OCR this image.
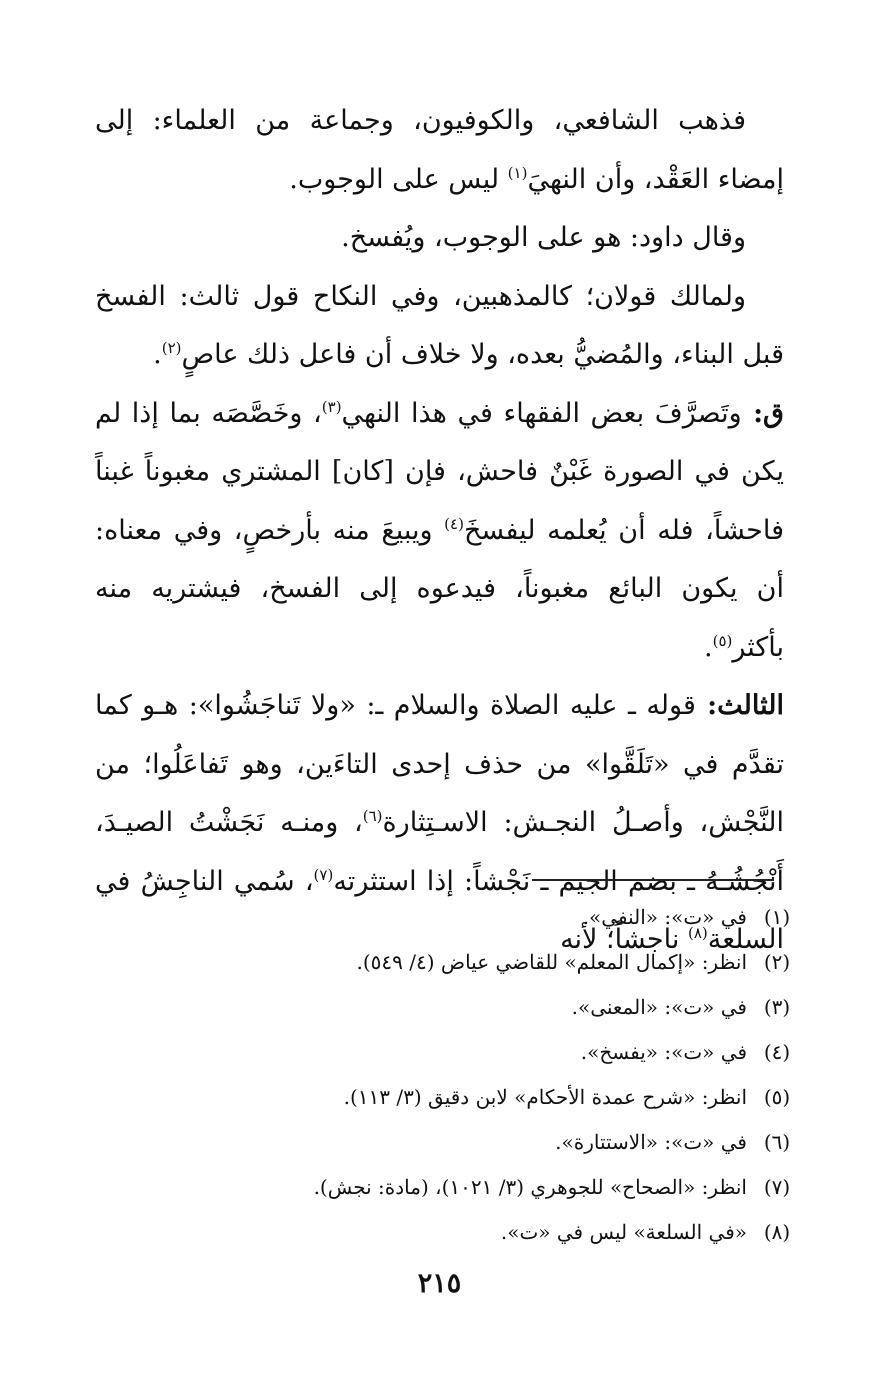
فذهب الشافعي، والكوفيون، وجماعة من العلماء: إلى إمضاء العَقْد، وأن النهيَ$^{(١)}$ ليس على الوجوب.

وقال داود: هو على الوجوب، ويُفسخ.

ولمالك قولان؛ كالمذهبين، وفي النكاح قول ثالث: الفسخ قبل البناء، والمُضيُّ بعده، ولا خلاف أن فاعل ذلك عاصٍ$^{(٢)}$.

ق: وتَصرَّفَ بعض الفقهاء في هذا النهي$^{(٣)}$، وخَصَّصَه بما إذا لم يكن في الصورة غَبْنٌ فاحش، فإن [كان] المشتري مغبوناً غبناً فاحشاً، فله أن يُعلمه ليفسخَ$^{(٤)}$ ويبيعَ منه بأرخصٍ، وفي معناه: أن يكون البائع مغبوناً، فيدعوه إلى الفسخ، فيشتريه منه بأكثر$^{(٥)}$.

الثالث: قوله ـ عليه الصلاة والسلام ـ: «ولا تَناجَشُوا»: هـو كما تقدَّم في «تَلَقَّوا» من حذف إحدى التاءَين، وهو تَفاعَلُوا؛ من النَّجْش، وأصـلُ النجـش: الاسـتِثارة$^{(٦)}$، ومنـه نَجَشْتُ الصيـدَ، أَنْجُشُـهُ ـ بضم الجيم ـ نَجْشاً: إذا استثرته$^{(٧)}$، سُمي الناجِشُ في السلعة$^{(٨)}$ ناجشاً؛ لأنه

(١)
في «ت»: «النفي».
(٢)
انظر: «إكمال المعلم» للقاضي عياض (٤/ ٥٤٩).
(٣)
في «ت»: «المعنى».
(٤)
في «ت»: «يفسخ».
(٥)
انظر: «شرح عمدة الأحكام» لابن دقيق (٣/ ١١٣).
(٦)
في «ت»: «الاستتارة».
(٧)
انظر: «الصحاح» للجوهري (٣/ ١٠٢١)، (مادة: نجش).
(٨)
«في السلعة» ليس في «ت».
٢١٥
